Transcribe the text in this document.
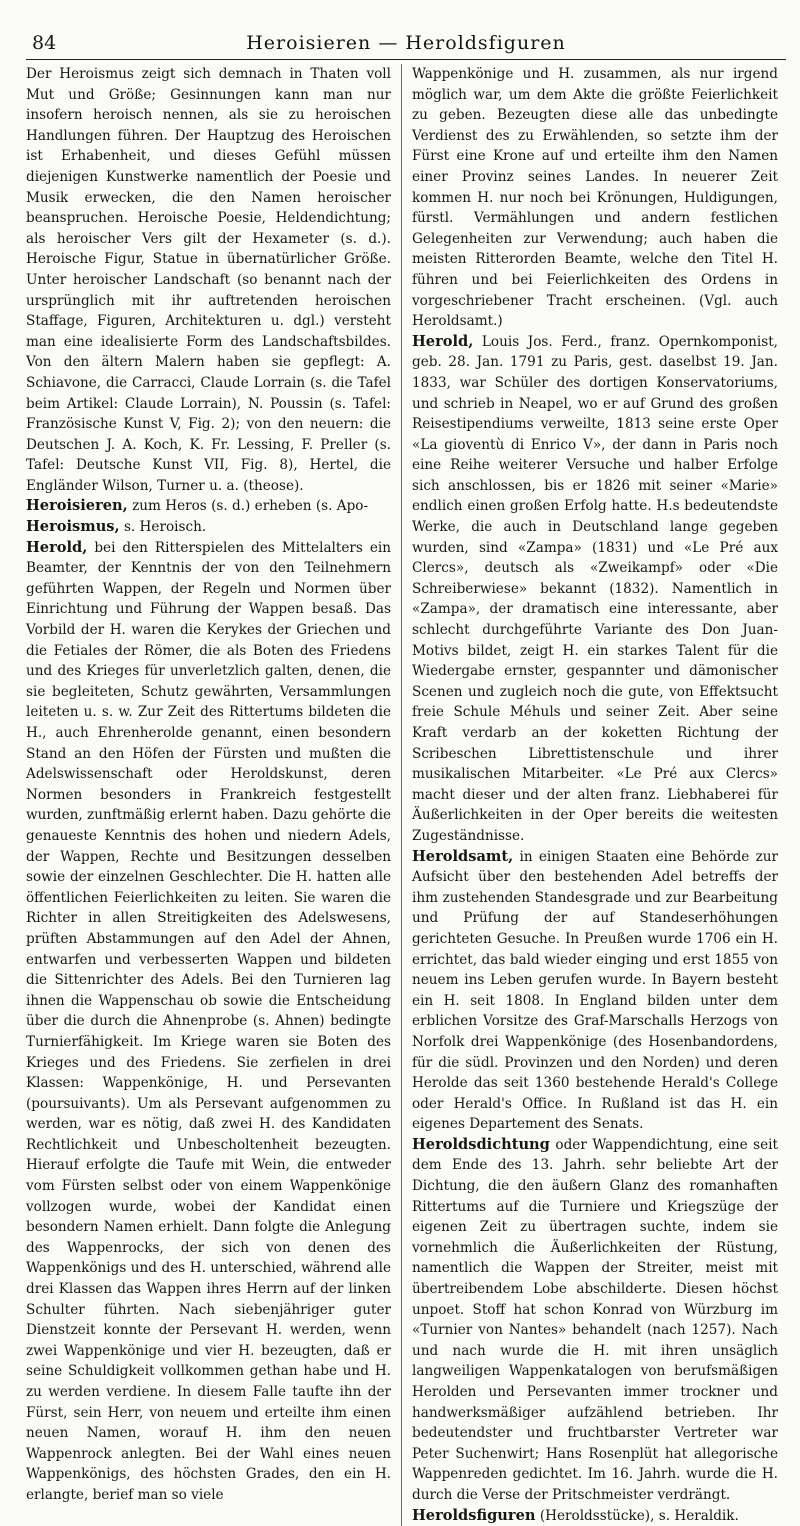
84	Heroisieren — Heroldsfiguren

Der Heroismus zeigt sich demnach in Thaten voll Mut und Größe; Gesinnungen kann man nur insofern heroisch nennen, als sie zu heroischen Handlungen führen. Der Hauptzug des Heroischen ist Erhabenheit, und dieses Gefühl müssen diejenigen Kunstwerke namentlich der Poesie und Musik erwecken, die den Namen heroischer beanspruchen. Heroische Poesie, Heldendichtung; als heroischer Vers gilt der Hexameter (s. d.). Heroische Figur, Statue in übernatürlicher Größe. Unter heroischer Landschaft (so benannt nach der ursprünglich mit ihr auftretenden heroischen Staffage, Figuren, Architekturen u. dgl.) versteht man eine idealisierte Form des Landschaftsbildes. Von den ältern Malern haben sie gepflegt: A. Schiavone, die Carracci, Claude Lorrain (s. die Tafel beim Artikel: Claude Lorrain), N. Poussin (s. Tafel: Französische Kunst V, Fig. 2); von den neuern: die Deutschen J. A. Koch, K. Fr. Lessing, F. Preller (s. Tafel: Deutsche Kunst VII, Fig. 8), Hertel, die Engländer Wilson, Turner u. a. (theose).

Heroisieren, zum Heros (s. d.) erheben (s. Apo-

Heroismus, s. Heroisch.

Herold, bei den Ritterspielen des Mittelalters ein Beamter, der Kenntnis der von den Teilnehmern geführten Wappen, der Regeln und Normen über Einrichtung und Führung der Wappen besaß. Das Vorbild der H. waren die Kerykes der Griechen und die Fetiales der Römer, die als Boten des Friedens und des Krieges für unverletzlich galten, denen, die sie begleiteten, Schutz gewährten, Versammlungen leiteten u. s. w. Zur Zeit des Rittertums bildeten die H., auch Ehrenherolde genannt, einen besondern Stand an den Höfen der Fürsten und mußten die Adelswissenschaft oder Heroldskunst, deren Normen besonders in Frankreich festgestellt wurden, zunftmäßig erlernt haben. Dazu gehörte die genaueste Kenntnis des hohen und niedern Adels, der Wappen, Rechte und Besitzungen desselben sowie der einzelnen Geschlechter. Die H. hatten alle öffentlichen Feierlichkeiten zu leiten. Sie waren die Richter in allen Streitigkeiten des Adelswesens, prüften Abstammungen auf den Adel der Ahnen, entwarfen und verbesserten Wappen und bildeten die Sittenrichter des Adels. Bei den Turnieren lag ihnen die Wappenschau ob sowie die Entscheidung über die durch die Ahnenprobe (s. Ahnen) bedingte Turnierfähigkeit. Im Kriege waren sie Boten des Krieges und des Friedens. Sie zerfielen in drei Klassen: Wappenkönige, H. und Persevanten (poursuivants). Um als Persevant aufgenommen zu werden, war es nötig, daß zwei H. des Kandidaten Rechtlichkeit und Unbescholtenheit bezeugten. Hierauf erfolgte die Taufe mit Wein, die entweder vom Fürsten selbst oder von einem Wappenkönige vollzogen wurde, wobei der Kandidat einen besondern Namen erhielt. Dann folgte die Anlegung des Wappenrocks, der sich von denen des Wappenkönigs und des H. unterschied, während alle drei Klassen das Wappen ihres Herrn auf der linken Schulter führten. Nach siebenjähriger guter Dienstzeit konnte der Persevant H. werden, wenn zwei Wappenkönige und vier H. bezeugten, daß er seine Schuldigkeit vollkommen gethan habe und H. zu werden verdiene. In diesem Falle taufte ihn der Fürst, sein Herr, von neuem und erteilte ihm einen neuen Namen, worauf H. ihm den neuen Wappenrock anlegten. Bei der Wahl eines neuen Wappenkönigs, des höchsten Grades, den ein H. erlangte, berief man so viele

Wappenkönige und H. zusammen, als nur irgend möglich war, um dem Akte die größte Feierlichkeit zu geben. Bezeugten diese alle das unbedingte Verdienst des zu Erwählenden, so setzte ihm der Fürst eine Krone auf und erteilte ihm den Namen einer Provinz seines Landes. In neuerer Zeit kommen H. nur noch bei Krönungen, Huldigungen, fürstl. Vermählungen und andern festlichen Gelegenheiten zur Verwendung; auch haben die meisten Ritterorden Beamte, welche den Titel H. führen und bei Feierlichkeiten des Ordens in vorgeschriebener Tracht erscheinen. (Vgl. auch Heroldsamt.)

Herold, Louis Jos. Ferd., franz. Opernkomponist, geb. 28. Jan. 1791 zu Paris, gest. daselbst 19. Jan. 1833, war Schüler des dortigen Konservatoriums, und schrieb in Neapel, wo er auf Grund des großen Reisestipendiums verweilte, 1813 seine erste Oper «La gioventù di Enrico V», der dann in Paris noch eine Reihe weiterer Versuche und halber Erfolge sich anschlossen, bis er 1826 mit seiner «Marie» endlich einen großen Erfolg hatte. H.s bedeutendste Werke, die auch in Deutschland lange gegeben wurden, sind «Zampa» (1831) und «Le Pré aux Clercs», deutsch als «Zweikampf» oder «Die Schreiberwiese» bekannt (1832). Namentlich in «Zampa», der dramatisch eine interessante, aber schlecht durchgeführte Variante des Don Juan-Motivs bildet, zeigt H. ein starkes Talent für die Wiedergabe ernster, gespannter und dämonischer Scenen und zugleich noch die gute, von Effektsucht freie Schule Méhuls und seiner Zeit. Aber seine Kraft verdarb an der koketten Richtung der Scribeschen Librettistenschule und ihrer musikalischen Mitarbeiter. «Le Pré aux Clercs» macht dieser und der alten franz. Liebhaberei für Äußerlichkeiten in der Oper bereits die weitesten Zugeständnisse.

Heroldsamt, in einigen Staaten eine Behörde zur Aufsicht über den bestehenden Adel betreffs der ihm zustehenden Standesgrade und zur Bearbeitung und Prüfung der auf Standeserhöhungen gerichteten Gesuche. In Preußen wurde 1706 ein H. errichtet, das bald wieder einging und erst 1855 von neuem ins Leben gerufen wurde. In Bayern besteht ein H. seit 1808. In England bilden unter dem erblichen Vorsitze des Graf-Marschalls Herzogs von Norfolk drei Wappenkönige (des Hosenbandordens, für die südl. Provinzen und den Norden) und deren Herolde das seit 1360 bestehende Herald's College oder Herald's Office. In Rußland ist das H. ein eigenes Departement des Senats.

Heroldsdichtung oder Wappendichtung, eine seit dem Ende des 13. Jahrh. sehr beliebte Art der Dichtung, die den äußern Glanz des romanhaften Rittertums auf die Turniere und Kriegszüge der eigenen Zeit zu übertragen suchte, indem sie vornehmlich die Äußerlichkeiten der Rüstung, namentlich die Wappen der Streiter, meist mit übertreibendem Lobe abschilderte. Diesen höchst unpoet. Stoff hat schon Konrad von Würzburg im «Turnier von Nantes» behandelt (nach 1257). Nach und nach wurde die H. mit ihren unsäglich langweiligen Wappenkatalogen von berufsmäßigen Herolden und Persevanten immer trockner und handwerksmäßiger aufzählend betrieben. Ihr bedeutendster und fruchtbarster Vertreter war Peter Suchenwirt; Hans Rosenplüt hat allegorische Wappenreden gedichtet. Im 16. Jahrh. wurde die H. durch die Verse der Pritschmeister verdrängt.

Heroldsfiguren (Heroldsstücke), s. Heraldik.
